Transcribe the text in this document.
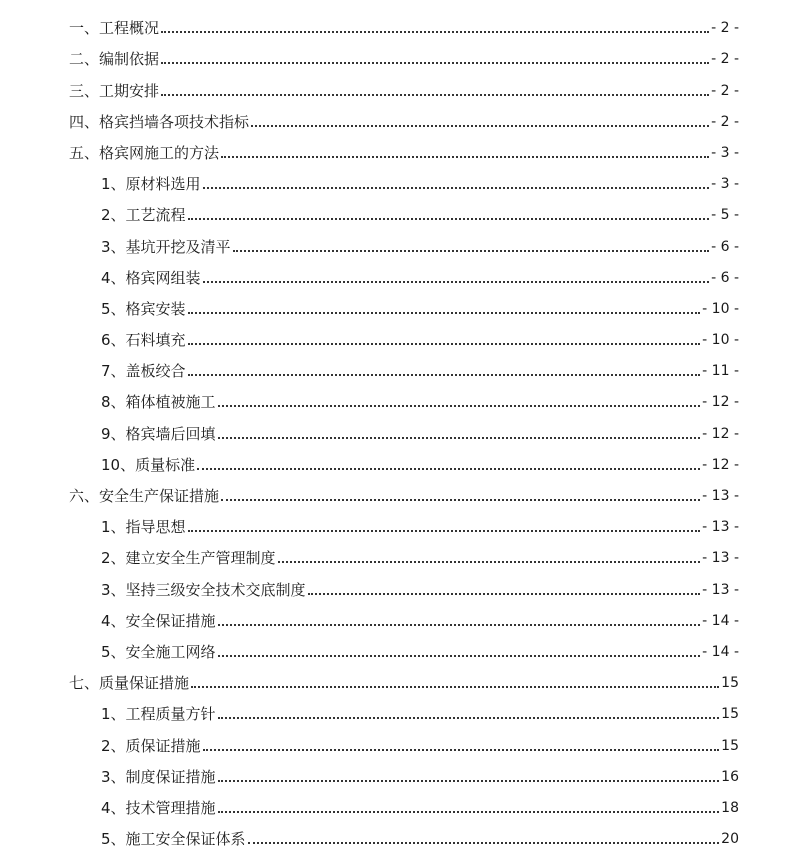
一、工程概况	- 2 -
二、编制依据	- 2 -
三、工期安排	- 2 -
四、格宾挡墙各项技术指标	- 2 -
五、格宾网施工的方法	- 3 -
1、原材料选用	- 3 -
2、工艺流程	- 5 -
3、基坑开挖及清平	- 6 -
4、格宾网组装	- 6 -
5、格宾安装	- 10 -
6、石料填充	- 10 -
7、盖板绞合	- 11 -
8、箱体植被施工	- 12 -
9、格宾墙后回填	- 12 -
10、质量标准	- 12 -
六、安全生产保证措施	- 13 -
1、指导思想	- 13 -
2、建立安全生产管理制度	- 13 -
3、坚持三级安全技术交底制度	- 13 -
4、安全保证措施	- 14 -
5、安全施工网络	- 14 -
七、质量保证措施	15
1、工程质量方针	15
2、质保证措施	15
3、制度保证措施	16
4、技术管理措施	18
5、施工安全保证体系	20
